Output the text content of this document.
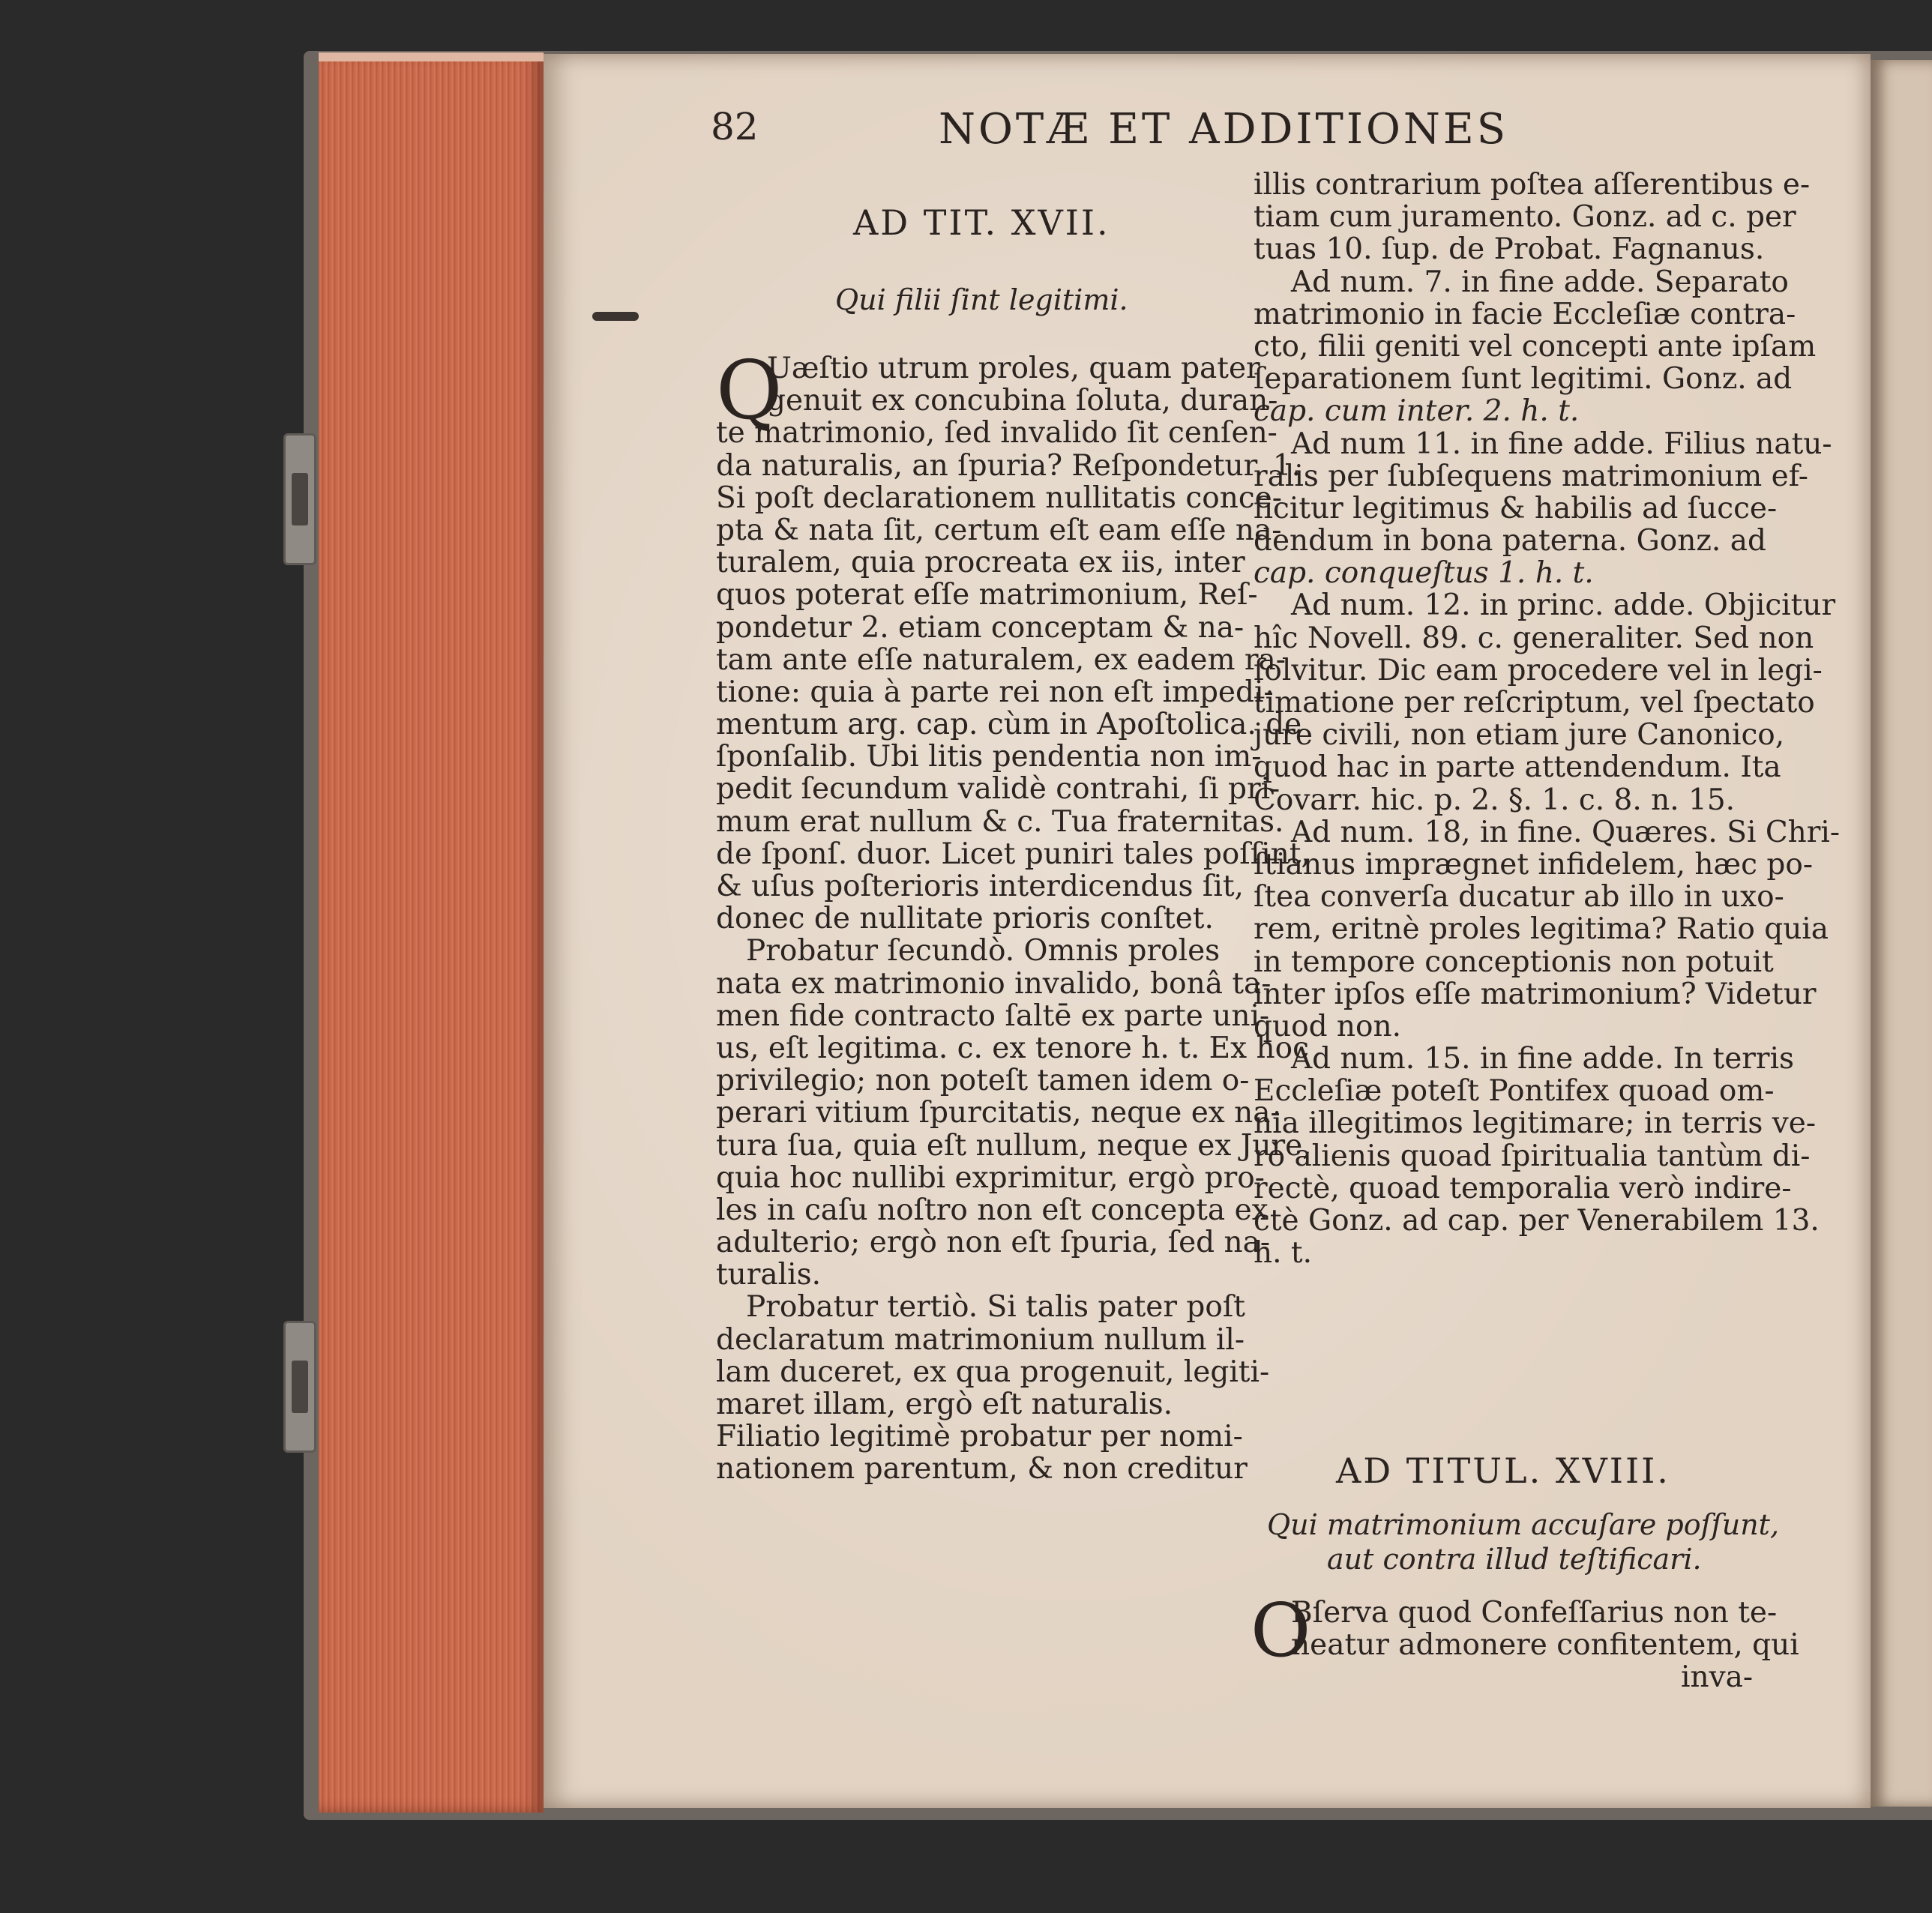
82	NOTÆ ET ADDITIONES
AD TIT. XVII.
Qui filii ſint legitimi.
Q
Uæſtio utrum proles, quam pater
genuit ex concubina ſoluta, duran-
te matrimonio, ſed invalido ſit cenſen-
da naturalis, an ſpuria? Reſpondetur. 1.
Si poſt declarationem nullitatis conce-
pta & nata ſit, certum eſt eam eſſe na-
turalem, quia procreata ex iis, inter
quos poterat eſſe matrimonium, Reſ-
pondetur 2. etiam conceptam & na-
tam ante eſſe naturalem, ex eadem ra-
tione: quia à parte rei non eſt impedi-
mentum arg. cap. cùm in Apoſtolica. de
ſponſalib. Ubi litis pendentia non im-
pedit ſecundum validè contrahi, ſi pri-
mum erat nullum & c. Tua fraternitas.
de ſponſ. duor. Licet puniri tales poſſint,
& uſus poſterioris interdicendus ſit,
donec de nullitate prioris conſtet.
Probatur ſecundò. Omnis proles
nata ex matrimonio invalido, bonâ ta-
men fide contracto ſaltē ex parte uni-
us, eſt legitima. c. ex tenore h. t. Ex hoc
privilegio; non poteſt tamen idem o-
perari vitium ſpurcitatis, neque ex na-
tura ſua, quia eſt nullum, neque ex Jure,
quia hoc nullibi exprimitur, ergò pro-
les in caſu noſtro non eſt concepta ex
adulterio; ergò non eſt ſpuria, ſed na-
turalis.
Probatur tertiò. Si talis pater poſt
declaratum matrimonium nullum il-
lam duceret, ex qua progenuit, legiti-
maret illam, ergò eſt naturalis.
Filiatio legitimè probatur per nomi-
nationem parentum, & non creditur
illis contrarium poſtea aſſerentibus e-
tiam cum juramento. Gonz. ad c. per
tuas 10. ſup. de Probat. Fagnanus.
Ad num. 7. in fine adde. Separato
matrimonio in facie Eccleſiæ contra-
cto, filii geniti vel concepti ante ipſam
ſeparationem ſunt legitimi. Gonz. ad
cap. cum inter. 2. h. t.
Ad num 11. in fine adde. Filius natu-
ralis per ſubſequens matrimonium ef-
ficitur legitimus & habilis ad ſucce-
dendum in bona paterna. Gonz. ad
cap. conqueſtus 1. h. t.
Ad num. 12. in princ. adde. Objicitur
hîc Novell. 89. c. generaliter. Sed non
ſolvitur. Dic eam procedere vel in legi-
timatione per reſcriptum, vel ſpectato
jure civili, non etiam jure Canonico,
quod hac in parte attendendum. Ita
Covarr. hic. p. 2. §. 1. c. 8. n. 15.
Ad num. 18, in fine. Quæres. Si Chri-
ſtianus imprægnet infidelem, hæc po-
ſtea converſa ducatur ab illo in uxo-
rem, eritnè proles legitima? Ratio quia
in tempore conceptionis non potuit
inter ipſos eſſe matrimonium? Videtur
quod non.
Ad num. 15. in fine adde. In terris
Eccleſiæ poteſt Pontifex quoad om-
nia illegitimos legitimare; in terris ve-
rò alienis quoad ſpiritualia tantùm di-
rectè, quoad temporalia verò indire-
ctè Gonz. ad cap. per Venerabilem 13.
h. t.
AD TITUL. XVIII.
Qui matrimonium accuſare poſſunt,
aut contra illud teſtificari.
O
Bſerva quod Confeſſarius non te-
neatur admonere confitentem, qui
inva-
